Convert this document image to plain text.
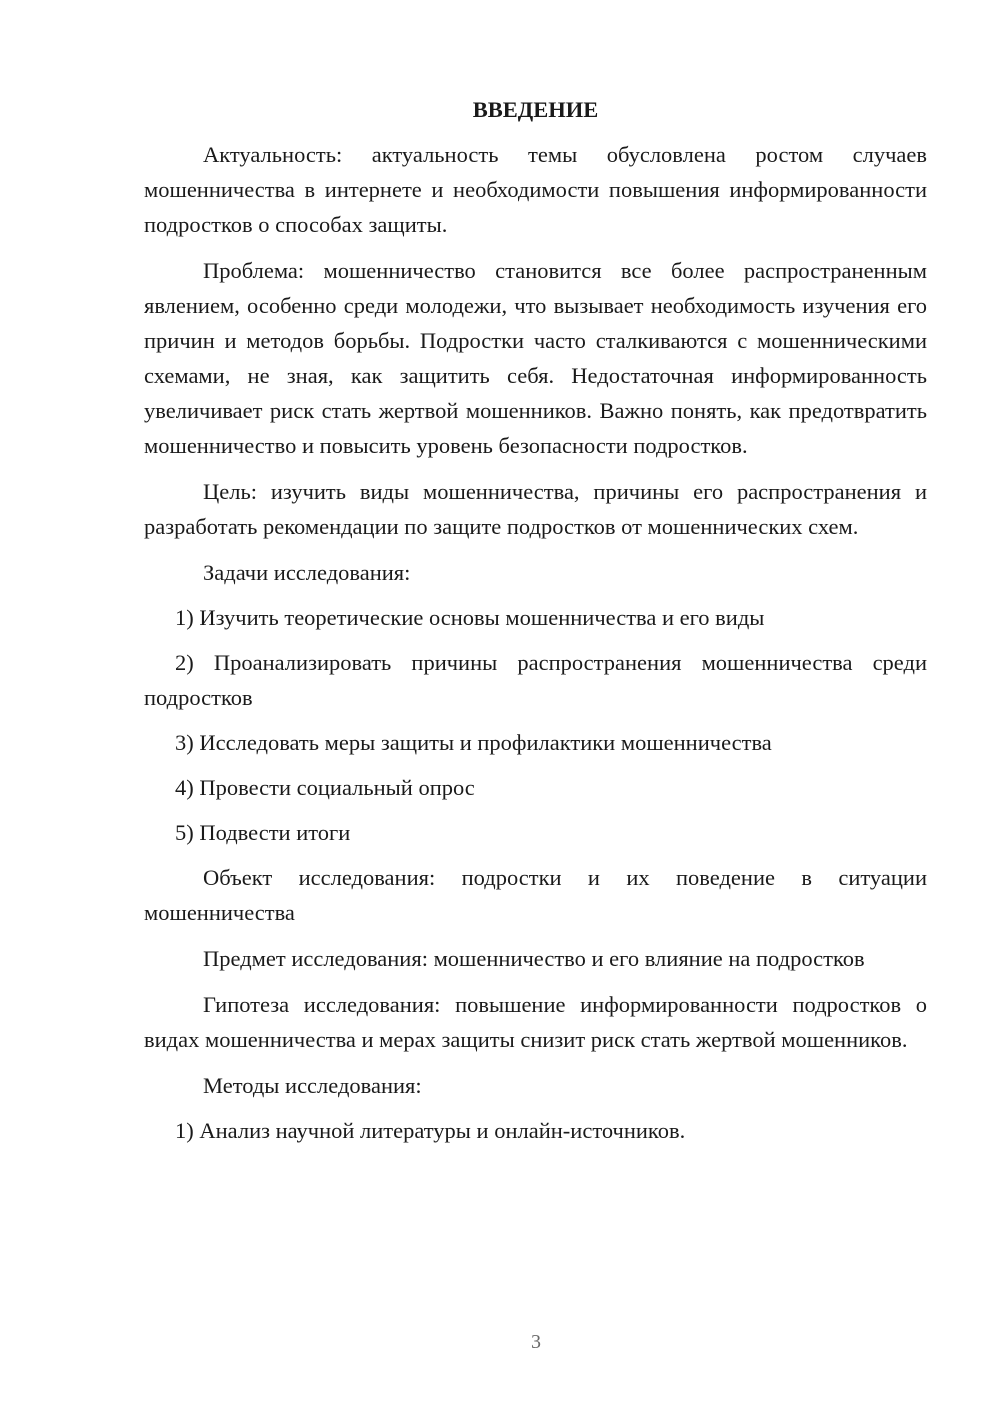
ВВЕДЕНИЕ

Актуальность: актуальность темы обусловлена ростом случаев мошенничества в интернете и необходимости повышения информированности подростков о способах защиты.

Проблема: мошенничество становится все более распространенным явлением, особенно среди молодежи, что вызывает необходимость изучения его причин и методов борьбы. Подростки часто сталкиваются с мошенническими схемами, не зная, как защитить себя. Недостаточная информированность увеличивает риск стать жертвой мошенников. Важно понять, как предотвратить мошенничество и повысить уровень безопасности подростков.

Цель: изучить виды мошенничества, причины его распространения и разработать рекомендации по защите подростков от мошеннических схем.

Задачи исследования:

1) Изучить теоретические основы мошенничества и его виды

2) Проанализировать причины распространения мошенничества среди подростков

3) Исследовать меры защиты и профилактики мошенничества

4) Провести социальный опрос

5) Подвести итоги

Объект исследования: подростки и их поведение в ситуации мошенничества

Предмет исследования: мошенничество и его влияние на подростков

Гипотеза исследования: повышение информированности подростков о видах мошенничества и мерах защиты снизит риск стать жертвой мошенников.

Методы исследования:

1) Анализ научной литературы и онлайн-источников.

3
